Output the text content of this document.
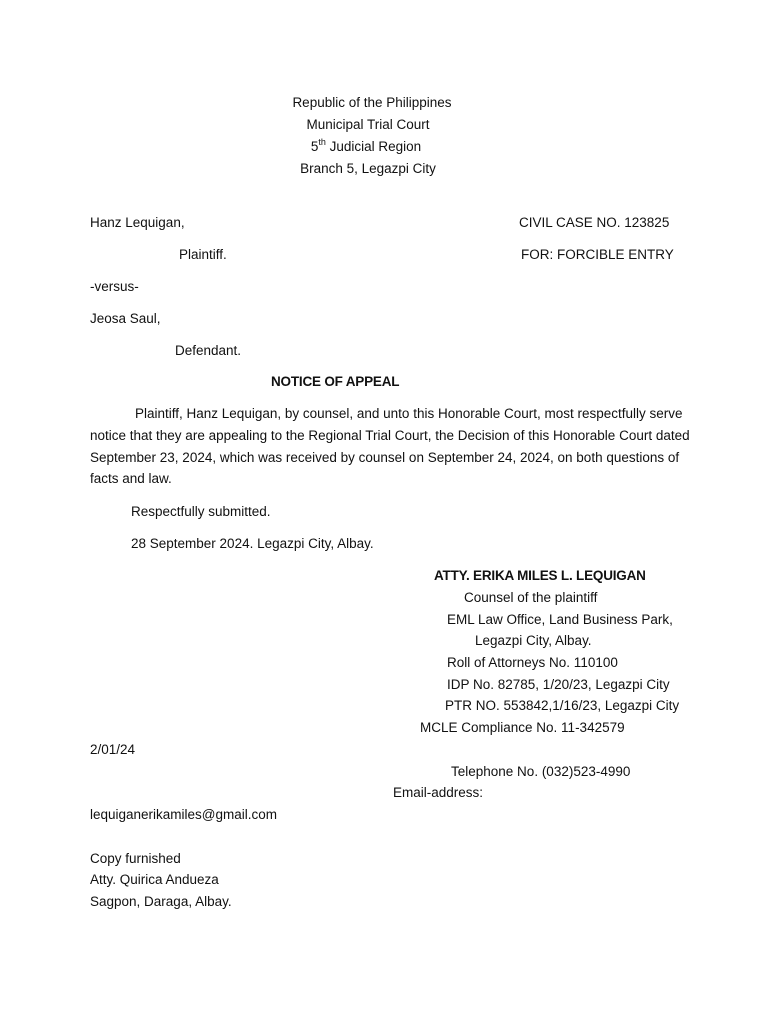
Republic of the Philippines
Municipal Trial Court
5th Judicial Region
Branch 5, Legazpi City
Hanz Lequigan,	CIVIL CASE NO. 123825
Plaintiff.	FOR: FORCIBLE ENTRY
-versus-
Jeosa Saul,
Defendant.
NOTICE OF APPEAL
Plaintiff, Hanz Lequigan, by counsel, and unto this Honorable Court, most respectfully serve notice that they are appealing to the Regional Trial Court, the Decision of this Honorable Court dated September 23, 2024, which was received by counsel on September 24, 2024, on both questions of facts and law.
Respectfully submitted.
28 September 2024. Legazpi City, Albay.
ATTY. ERIKA MILES L. LEQUIGAN
Counsel of the plaintiff
EML Law Office, Land Business Park,
Legazpi City, Albay.
Roll of Attorneys No. 110100
IDP No. 82785, 1/20/23, Legazpi City
PTR NO. 553842,1/16/23, Legazpi City
MCLE Compliance No. 11-342579
2/01/24
Telephone No. (032)523-4990
Email-address:
lequiganerikamiles@gmail.com
Copy furnished
Atty. Quirica Andueza
Sagpon, Daraga, Albay.
